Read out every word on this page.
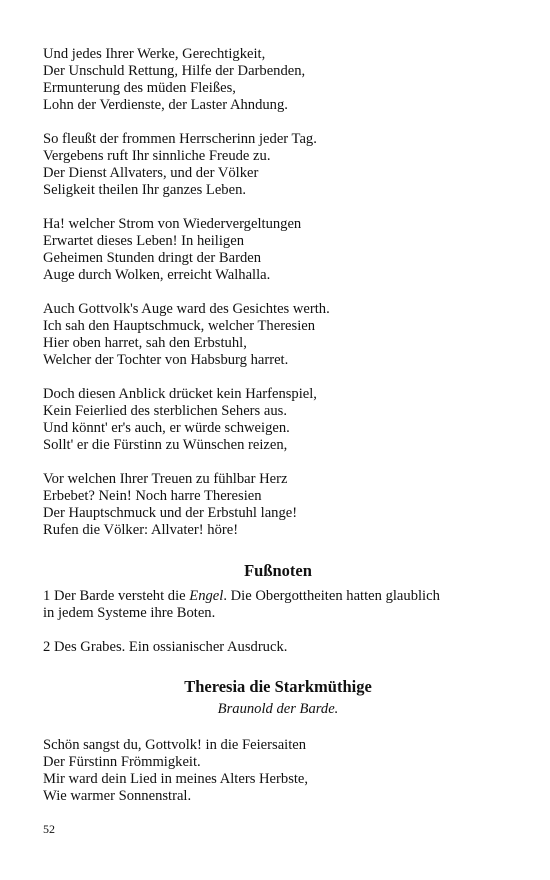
Und jedes Ihrer Werke, Gerechtigkeit,
Der Unschuld Rettung, Hilfe der Darbenden,
Ermunterung des müden Fleißes,
Lohn der Verdienste, der Laster Ahndung.
So fleußt der frommen Herrscherinn jeder Tag.
Vergebens ruft Ihr sinnliche Freude zu.
Der Dienst Allvaters, und der Völker
Seligkeit theilen Ihr ganzes Leben.
Ha! welcher Strom von Wiedervergeltungen
Erwartet dieses Leben! In heiligen
Geheimen Stunden dringt der Barden
Auge durch Wolken, erreicht Walhalla.
Auch Gottvolk's Auge ward des Gesichtes werth.
Ich sah den Hauptschmuck, welcher Theresien
Hier oben harret, sah den Erbstuhl,
Welcher der Tochter von Habsburg harret.
Doch diesen Anblick drücket kein Harfenspiel,
Kein Feierlied des sterblichen Sehers aus.
Und könnt' er's auch, er würde schweigen.
Sollt' er die Fürstinn zu Wünschen reizen,
Vor welchen Ihrer Treuen zu fühlbar Herz
Erbebet? Nein! Noch harre Theresien
Der Hauptschmuck und der Erbstuhl lange!
Rufen die Völker: Allvater! höre!
Fußnoten
1 Der Barde versteht die Engel. Die Obergottheiten hatten glaublich
in jedem Systeme ihre Boten.
2 Des Grabes. Ein ossianischer Ausdruck.
Theresia die Starkmüthige
Braunold der Barde.
Schön sangst du, Gottvolk! in die Feiersaiten
Der Fürstinn Frömmigkeit.
Mir ward dein Lied in meines Alters Herbste,
Wie warmer Sonnenstral.
52
